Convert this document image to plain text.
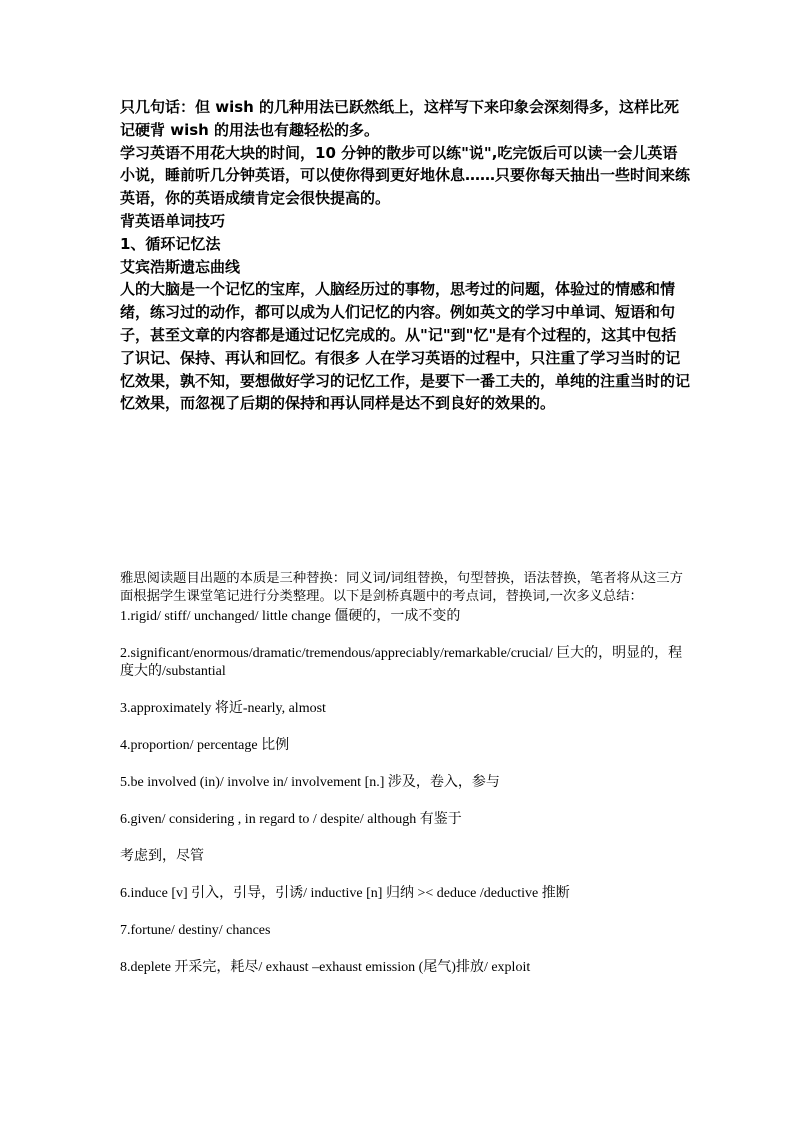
只几句话：但 wish 的几种用法已跃然纸上，这样写下来印象会深刻得多，这样比死记硬背 wish 的用法也有趣轻松的多。

学习英语不用花大块的时间，10 分钟的散步可以练"说",吃完饭后可以读一会儿英语小说，睡前听几分钟英语，可以使你得到更好地休息……只要你每天抽出一些时间来练英语，你的英语成绩肯定会很快提高的。

背英语单词技巧

1、循环记忆法

艾宾浩斯遗忘曲线

人的大脑是一个记忆的宝库，人脑经历过的事物，思考过的问题，体验过的情感和情绪，练习过的动作，都可以成为人们记忆的内容。例如英文的学习中单词、短语和句子，甚至文章的内容都是通过记忆完成的。从"记"到"忆"是有个过程的，这其中包括了识记、保持、再认和回忆。有很多 人在学习英语的过程中，只注重了学习当时的记忆效果，孰不知，要想做好学习的记忆工作，是要下一番工夫的，单纯的注重当时的记忆效果，而忽视了后期的保持和再认同样是达不到良好的效果的。

雅思阅读题目出题的本质是三种替换：同义词/词组替换，句型替换，语法替换，笔者将从这三方面根据学生课堂笔记进行分类整理。以下是剑桥真题中的考点词，替换词,一次多义总结：

1.rigid/ stiff/ unchanged/ little change 僵硬的，一成不变的

2.significant/enormous/dramatic/tremendous/appreciably/remarkable/crucial/ 巨大的，明显的，程度大的/substantial

3.approximately 将近-nearly, almost

4.proportion/ percentage 比例

5.be involved (in)/ involve in/ involvement [n.] 涉及，卷入，参与

6.given/ considering , in regard to / despite/ although 有鉴于

考虑到，尽管

6.induce [v] 引入，引导，引诱/ inductive [n] 归纳 >< deduce /deductive 推断

7.fortune/ destiny/ chances

8.deplete 开采完，耗尽/ exhaust –exhaust emission (尾气)排放/ exploit
